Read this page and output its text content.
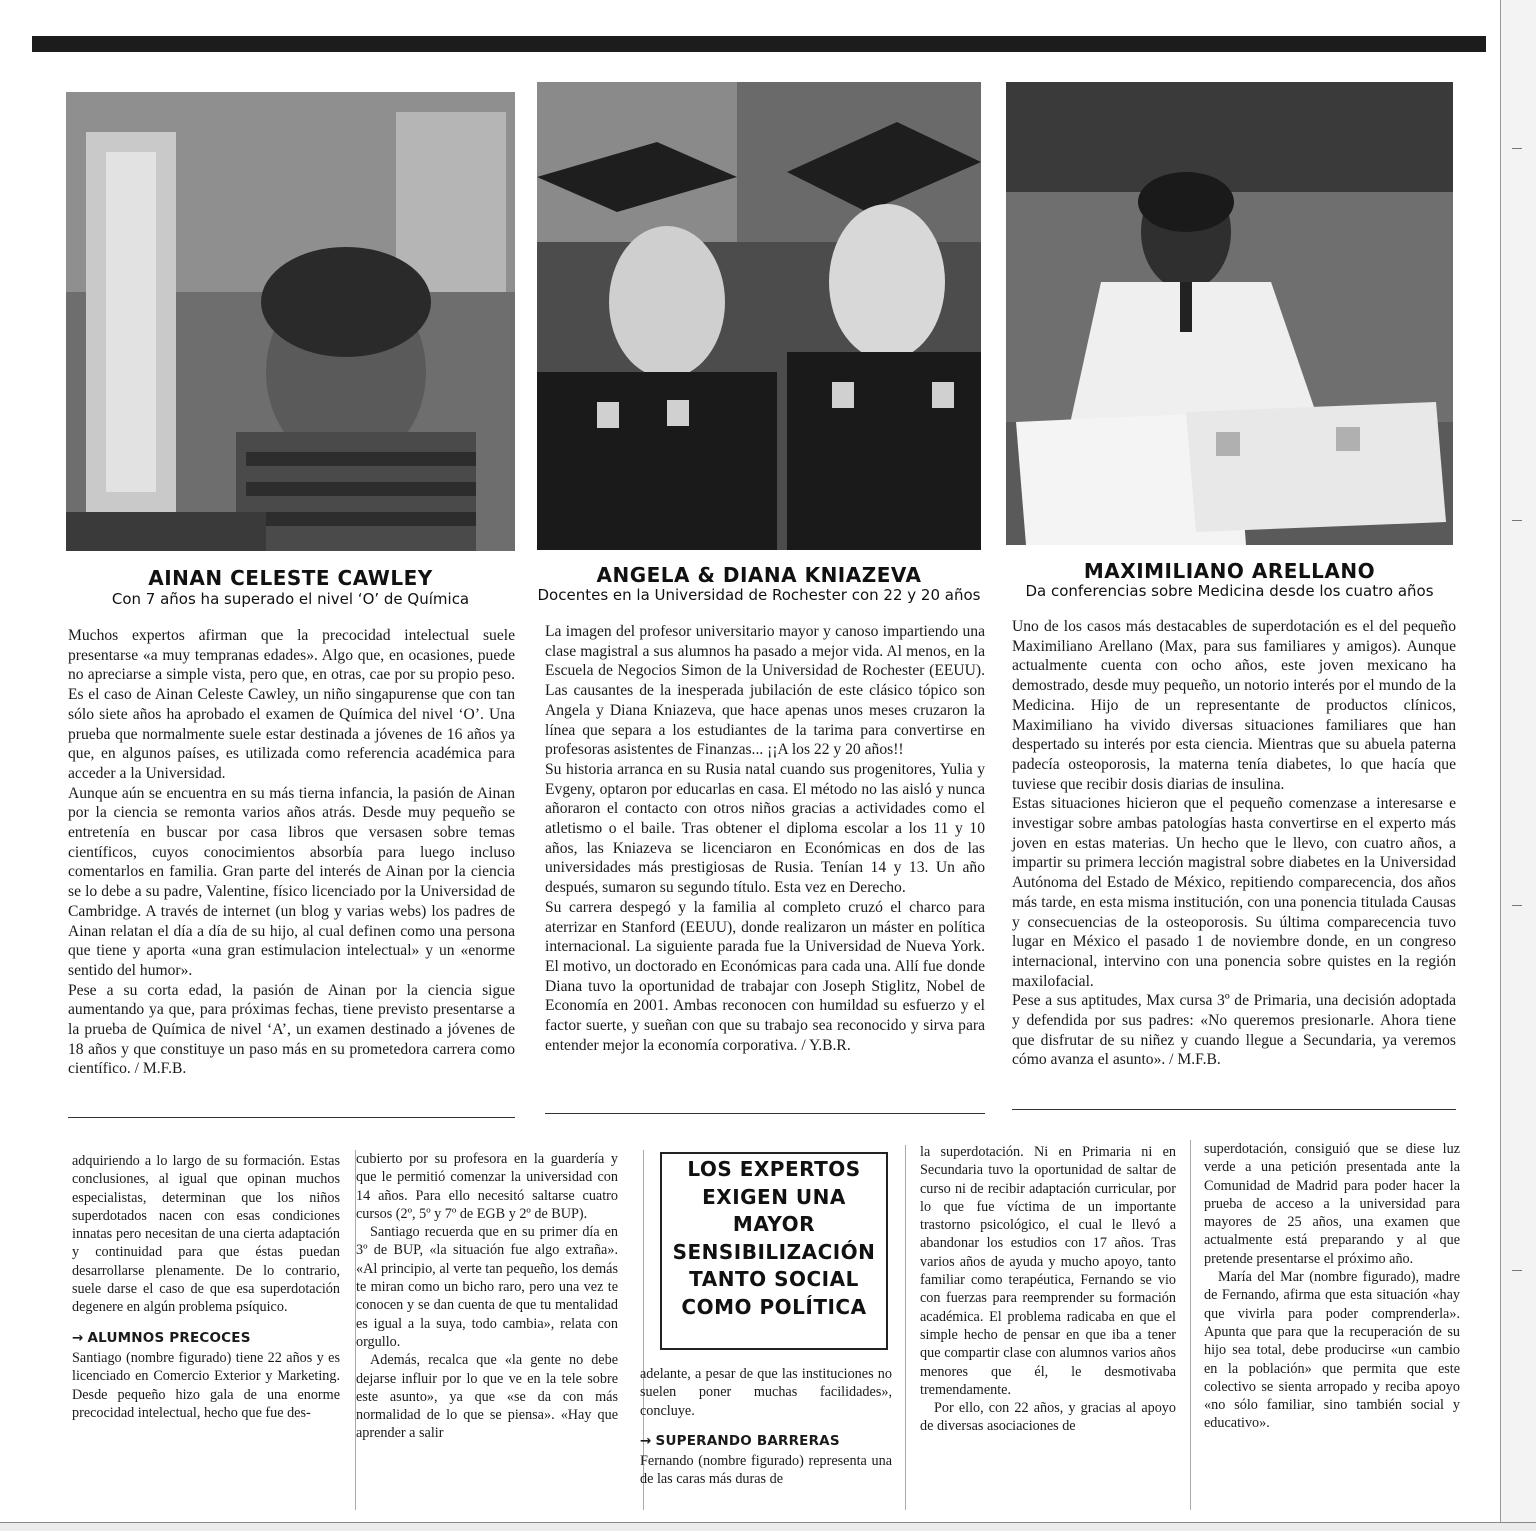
AINAN CELESTE CAWLEY

Con 7 años ha superado el nivel ‘O’ de Química

ANGELA & DIANA KNIAZEVA

Docentes en la Universidad de Rochester con 22 y 20 años

MAXIMILIANO ARELLANO

Da conferencias sobre Medicina desde los cuatro años

Muchos expertos afirman que la precocidad intelectual suele presentarse «a muy tempranas edades». Algo que, en ocasiones, puede no apreciarse a simple vista, pero que, en otras, cae por su propio peso. Es el caso de Ainan Celeste Cawley, un niño singapurense que con tan sólo siete años ha aprobado el examen de Química del nivel ‘O’. Una prueba que normalmente suele estar destinada a jóvenes de 16 años ya que, en algunos países, es utilizada como referencia académica para acceder a la Universidad.

Aunque aún se encuentra en su más tierna infancia, la pasión de Ainan por la ciencia se remonta varios años atrás. Desde muy pequeño se entretenía en buscar por casa libros que versasen sobre temas científicos, cuyos conocimientos absorbía para luego incluso comentarlos en familia. Gran parte del interés de Ainan por la ciencia se lo debe a su padre, Valentine, físico licenciado por la Universidad de Cambridge. A través de internet (un blog y varias webs) los padres de Ainan relatan el día a día de su hijo, al cual definen como una persona que tiene y aporta «una gran estimulacion intelectual» y un «enorme sentido del humor».

Pese a su corta edad, la pasión de Ainan por la ciencia sigue aumentando ya que, para próximas fechas, tiene previsto presentarse a la prueba de Química de nivel ‘A’, un examen destinado a jóvenes de 18 años y que constituye un paso más en su prometedora carrera como científico. / M.F.B.

La imagen del profesor universitario mayor y canoso impartiendo una clase magistral a sus alumnos ha pasado a mejor vida. Al menos, en la Escuela de Negocios Simon de la Universidad de Rochester (EEUU). Las causantes de la inesperada jubilación de este clásico tópico son Angela y Diana Kniazeva, que hace apenas unos meses cruzaron la línea que separa a los estudiantes de la tarima para convertirse en profesoras asistentes de Finanzas... ¡¡A los 22 y 20 años!!

Su historia arranca en su Rusia natal cuando sus progenitores, Yulia y Evgeny, optaron por educarlas en casa. El método no las aisló y nunca añoraron el contacto con otros niños gracias a actividades como el atletismo o el baile. Tras obtener el diploma escolar a los 11 y 10 años, las Kniazeva se licenciaron en Económicas en dos de las universidades más prestigiosas de Rusia. Tenían 14 y 13. Un año después, sumaron su segundo título. Esta vez en Derecho.

Su carrera despegó y la familia al completo cruzó el charco para aterrizar en Stanford (EEUU), donde realizaron un máster en política internacional. La siguiente parada fue la Universidad de Nueva York. El motivo, un doctorado en Económicas para cada una. Allí fue donde Diana tuvo la oportunidad de trabajar con Joseph Stiglitz, Nobel de Economía en 2001. Ambas reconocen con humildad su esfuerzo y el factor suerte, y sueñan con que su trabajo sea reconocido y sirva para entender mejor la economía corporativa. / Y.B.R.

Uno de los casos más destacables de superdotación es el del pequeño Maximiliano Arellano (Max, para sus familiares y amigos). Aunque actualmente cuenta con ocho años, este joven mexicano ha demostrado, desde muy pequeño, un notorio interés por el mundo de la Medicina. Hijo de un representante de productos clínicos, Maximiliano ha vivido diversas situaciones familiares que han despertado su interés por esta ciencia. Mientras que su abuela paterna padecía osteoporosis, la materna tenía diabetes, lo que hacía que tuviese que recibir dosis diarias de insulina.

Estas situaciones hicieron que el pequeño comenzase a interesarse e investigar sobre ambas patologías hasta convertirse en el experto más joven en estas materias. Un hecho que le llevo, con cuatro años, a impartir su primera lección magistral sobre diabetes en la Universidad Autónoma del Estado de México, repitiendo comparecencia, dos años más tarde, en esta misma institución, con una ponencia titulada Causas y consecuencias de la osteoporosis. Su última comparecencia tuvo lugar en México el pasado 1 de noviembre donde, en un congreso internacional, intervino con una ponencia sobre quistes en la región maxilofacial.

Pese a sus aptitudes, Max cursa 3º de Primaria, una decisión adoptada y defendida por sus padres: «No queremos presionarle. Ahora tiene que disfrutar de su niñez y cuando llegue a Secundaria, ya veremos cómo avanza el asunto». / M.F.B.

adquiriendo a lo largo de su formación. Estas conclusiones, al igual que opinan muchos especialistas, determinan que los niños superdotados nacen con esas condiciones innatas pero necesitan de una cierta adaptación y continuidad para que éstas puedan desarrollarse plenamente. De lo contrario, suele darse el caso de que esa superdotación degenere en algún problema psíquico.

→ ALUMNOS PRECOCES

Santiago (nombre figurado) tiene 22 años y es licenciado en Comercio Exterior y Marketing. Desde pequeño hizo gala de una enorme precocidad intelectual, hecho que fue des-

cubierto por su profesora en la guardería y que le permitió comenzar la universidad con 14 años. Para ello necesitó saltarse cuatro cursos (2º, 5º y 7º de EGB y 2º de BUP).

Santiago recuerda que en su primer día en 3º de BUP, «la situación fue algo extraña». «Al principio, al verte tan pequeño, los demás te miran como un bicho raro, pero una vez te conocen y se dan cuenta de que tu mentalidad es igual a la suya, todo cambia», relata con orgullo.

Además, recalca que «la gente no debe dejarse influir por lo que ve en la tele sobre este asunto», ya que «se da con más normalidad de lo que se piensa». «Hay que aprender a salir

LOS EXPERTOS EXIGEN UNA MAYOR SENSIBILIZACIÓN TANTO SOCIAL COMO POLÍTICA

adelante, a pesar de que las instituciones no suelen poner muchas facilidades», concluye.

→ SUPERANDO BARRERAS

Fernando (nombre figurado) representa una de las caras más duras de

la superdotación. Ni en Primaria ni en Secundaria tuvo la oportunidad de saltar de curso ni de recibir adaptación curricular, por lo que fue víctima de un importante trastorno psicológico, el cual le llevó a abandonar los estudios con 17 años. Tras varios años de ayuda y mucho apoyo, tanto familiar como terapéutica, Fernando se vio con fuerzas para reemprender su formación académica. El problema radicaba en que el simple hecho de pensar en que iba a tener que compartir clase con alumnos varios años menores que él, le desmotivaba tremendamente.

Por ello, con 22 años, y gracias al apoyo de diversas asociaciones de

superdotación, consiguió que se diese luz verde a una petición presentada ante la Comunidad de Madrid para poder hacer la prueba de acceso a la universidad para mayores de 25 años, una examen que actualmente está preparando y al que pretende presentarse el próximo año.

María del Mar (nombre figurado), madre de Fernando, afirma que esta situación «hay que vivirla para poder comprenderla». Apunta que para que la recuperación de su hijo sea total, debe producirse «un cambio en la población» que permita que este colectivo se sienta arropado y reciba apoyo «no sólo familiar, sino también social y educativo».
